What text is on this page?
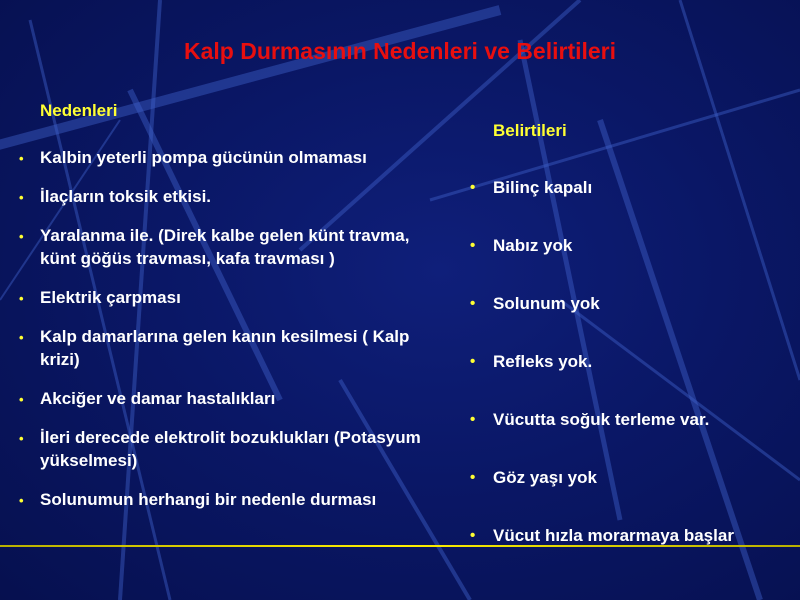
Kalp Durmasının Nedenleri ve Belirtileri
Nedenleri
Belirtileri
• Kalbin yeterli pompa gücünün olmaması
• İlaçların toksik etkisi.
• Yaralanma ile. (Direk kalbe gelen künt travma, künt göğüs travması, kafa travması )
• Elektrik çarpması
• Kalp damarlarına gelen kanın kesilmesi ( Kalp krizi)
• Akciğer ve damar hastalıkları
• İleri derecede elektrolit bozuklukları (Potasyum yükselmesi)
• Solunumun herhangi bir nedenle durması
• Bilinç kapalı
• Nabız yok
• Solunum yok
• Refleks yok.
• Vücutta soğuk terleme var.
• Göz yaşı yok
• Vücut hızla morarmaya başlar
